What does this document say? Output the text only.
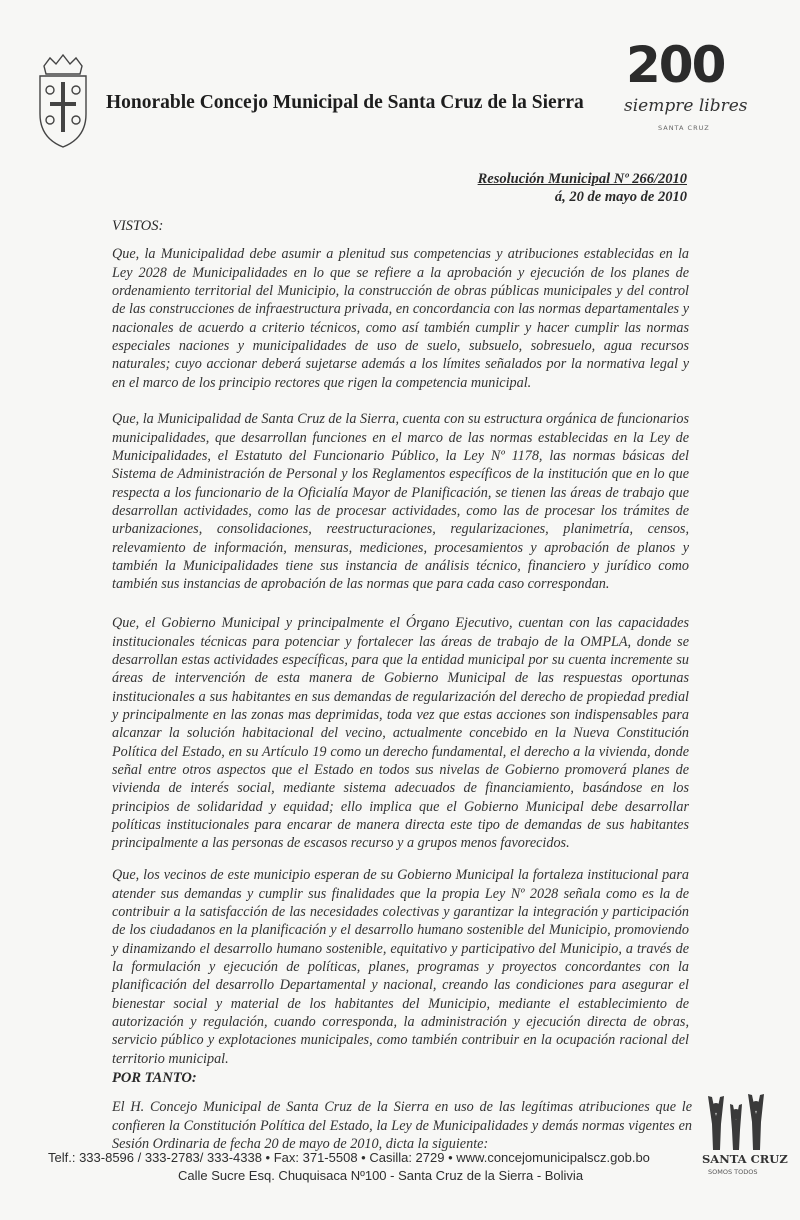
Honorable Concejo Municipal de Santa Cruz de la Sierra
200
siempre libres
SANTA CRUZ
Resolución Municipal Nº 266/2010
á, 20 de mayo de 2010
VISTOS:

Que, la Municipalidad debe asumir a plenitud sus competencias y atribuciones establecidas en la Ley 2028 de Municipalidades en lo que se refiere a la aprobación y ejecución de los planes de ordenamiento territorial del Municipio, la construcción de obras públicas municipales y del control de las construcciones de infraestructura privada, en concordancia con las normas departamentales y nacionales de acuerdo a criterio técnicos, como así también cumplir y hacer cumplir las normas especiales naciones y municipalidades de uso de suelo, subsuelo, sobresuelo, agua recursos naturales; cuyo accionar deberá sujetarse además a los límites señalados por la normativa legal y en el marco de los principio rectores que rigen la competencia municipal.

Que, la Municipalidad de Santa Cruz de la Sierra, cuenta con su estructura orgánica de funcionarios municipalidades, que desarrollan funciones en el marco de las normas establecidas en la Ley de Municipalidades, el Estatuto del Funcionario Público, la Ley Nº 1178, las normas básicas del Sistema de Administración de Personal y los Reglamentos específicos de la institución que en lo que respecta a los funcionario de la Oficialía Mayor de Planificación, se tienen las áreas de trabajo que desarrollan actividades, como las de procesar actividades, como las de procesar los trámites de urbanizaciones, consolidaciones, reestructuraciones, regularizaciones, planimetría, censos, relevamiento de información, mensuras, mediciones, procesamientos y aprobación de planos y también la Municipalidades tiene sus instancia de análisis técnico, financiero y jurídico como también sus instancias de aprobación de las normas que para cada caso correspondan.

Que, el Gobierno Municipal y principalmente el Órgano Ejecutivo, cuentan con las capacidades institucionales técnicas para potenciar y fortalecer las áreas de trabajo de la OMPLA, donde se desarrollan estas actividades específicas, para que la entidad municipal por su cuenta incremente su áreas de intervención de esta manera de Gobierno Municipal de las respuestas oportunas institucionales a sus habitantes en sus demandas de regularización del derecho de propiedad predial y principalmente en las zonas mas deprimidas, toda vez que estas acciones son indispensables para alcanzar la solución habitacional del vecino, actualmente concebido en la Nueva Constitución Política del Estado, en su Artículo 19 como un derecho fundamental, el derecho a la vivienda, donde señal entre otros aspectos que el Estado en todos sus nivelas de Gobierno promoverá planes de vivienda de interés social, mediante sistema adecuados de financiamiento, basándose en los principios de solidaridad y equidad; ello implica que el Gobierno Municipal debe desarrollar políticas institucionales para encarar de manera directa este tipo de demandas de sus habitantes principalmente a las personas de escasos recurso y a grupos menos favorecidos.

Que, los vecinos de este municipio esperan de su Gobierno Municipal la fortaleza institucional para atender sus demandas y cumplir sus finalidades que la propia Ley Nº 2028 señala como es la de contribuir a la satisfacción de las necesidades colectivas y garantizar la integración y participación de los ciudadanos en la planificación y el desarrollo humano sostenible del Municipio, promoviendo y dinamizando el desarrollo humano sostenible, equitativo y participativo del Municipio, a través de la formulación y ejecución de políticas, planes, programas y proyectos concordantes con la planificación del desarrollo Departamental y nacional, creando las condiciones para asegurar el bienestar social y material de los habitantes del Municipio, mediante el establecimiento de autorización y regulación, cuando corresponda, la administración y ejecución directa de obras, servicio público y explotaciones municipales, como también contribuir en la ocupación racional del territorio municipal.

POR TANTO:

El H. Concejo Municipal de Santa Cruz de la Sierra en uso de las legítimas atribuciones que le confieren la Constitución Política del Estado, la Ley de Municipalidades y demás normas vigentes en Sesión Ordinaria de fecha 20 de mayo de 2010, dicta la siguiente:

Telf.: 333-8596 / 333-2783/ 333-4338 • Fax: 371-5508 • Casilla: 2729 • www.concejomunicipalscz.gob.bo
Calle Sucre Esq. Chuquisaca Nº100 - Santa Cruz de la Sierra - Bolivia
SANTA CRUZ
SOMOS TODOS
